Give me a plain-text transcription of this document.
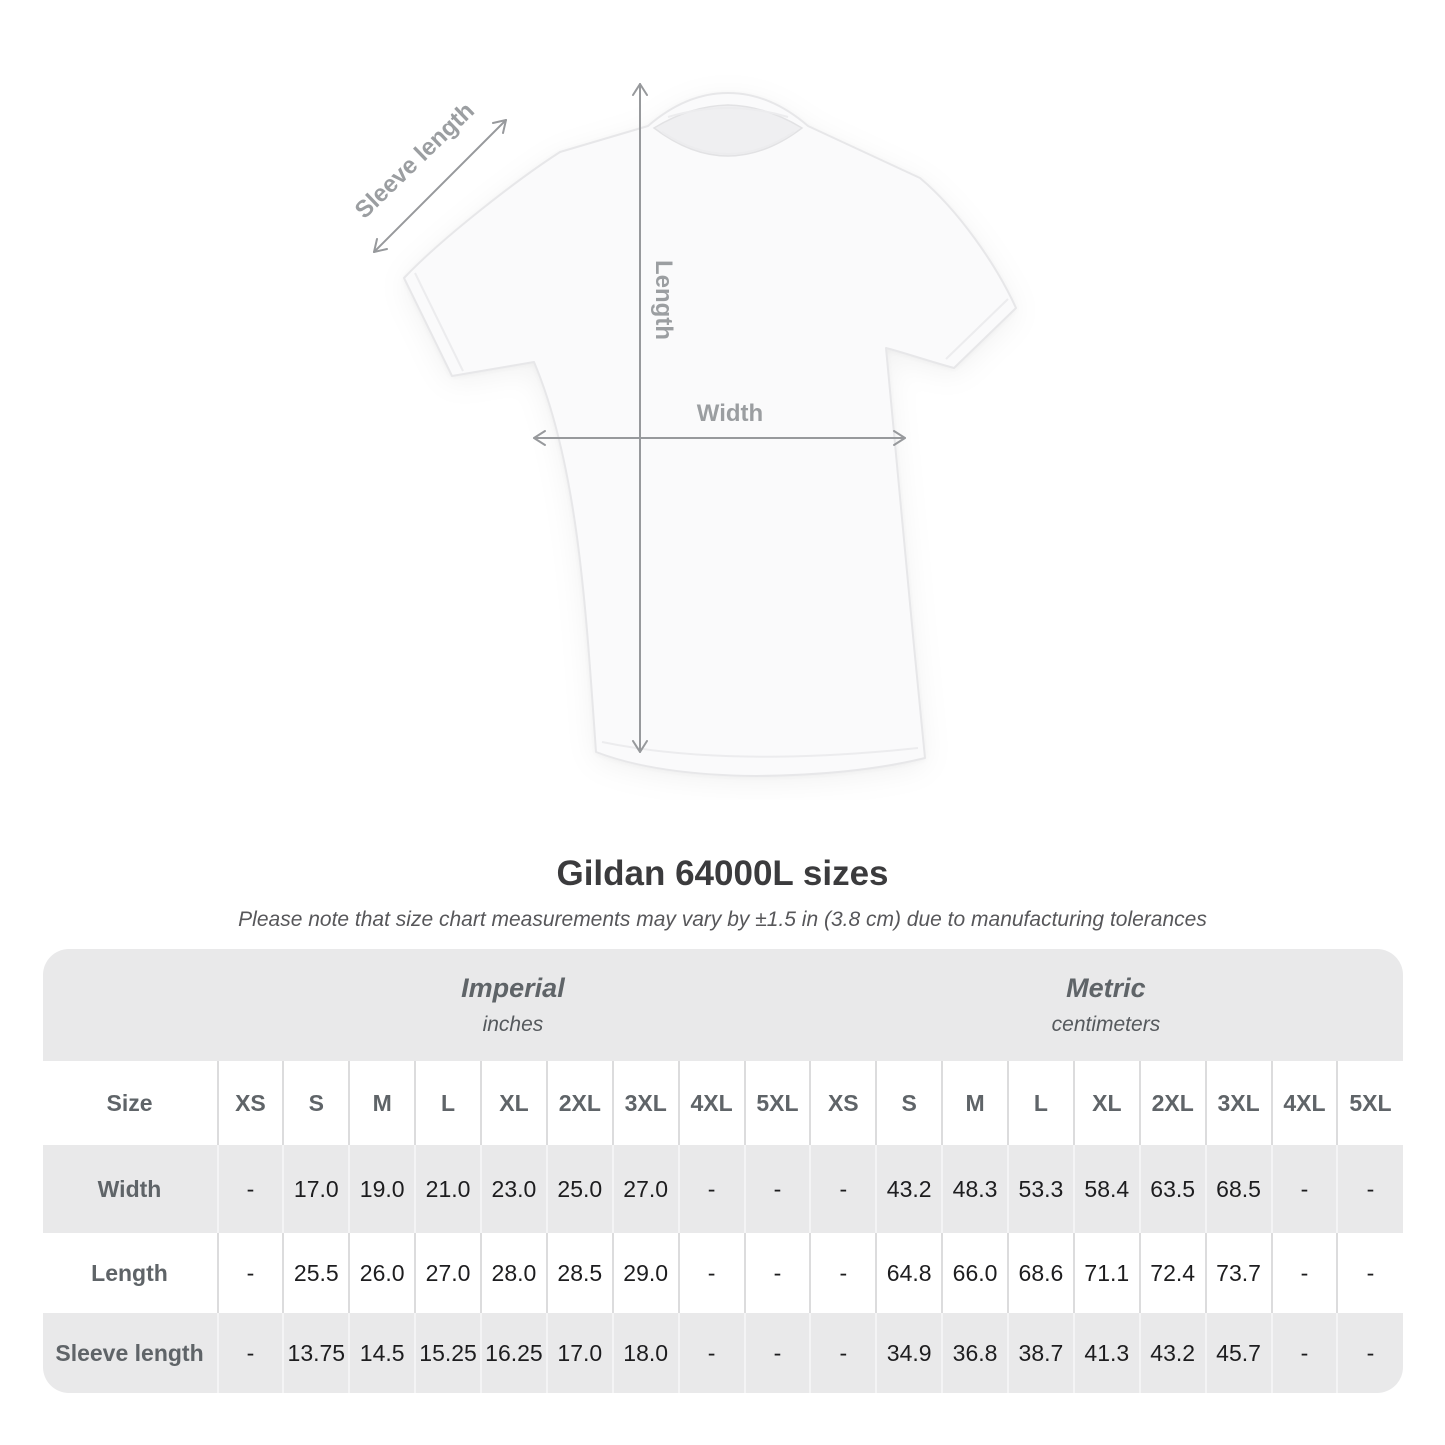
Sleeve length
Length
Width
Gildan 64000L sizes

Please note that size chart measurements may vary by ±1.5 in (3.8 cm) due to manufacturing tolerances

Imperial
inches

Metric
centimeters

Size	XS	S	M	L	XL	2XL	3XL	4XL	5XL	XS	S	M	L	XL	2XL	3XL	4XL	5XL
Width	-	17.0	19.0	21.0	23.0	25.0	27.0	-	-	-	43.2	48.3	53.3	58.4	63.5	68.5	-	-
Length	-	25.5	26.0	27.0	28.0	28.5	29.0	-	-	-	64.8	66.0	68.6	71.1	72.4	73.7	-	-
Sleeve length	-	13.75	14.5	15.25	16.25	17.0	18.0	-	-	-	34.9	36.8	38.7	41.3	43.2	45.7	-	-
